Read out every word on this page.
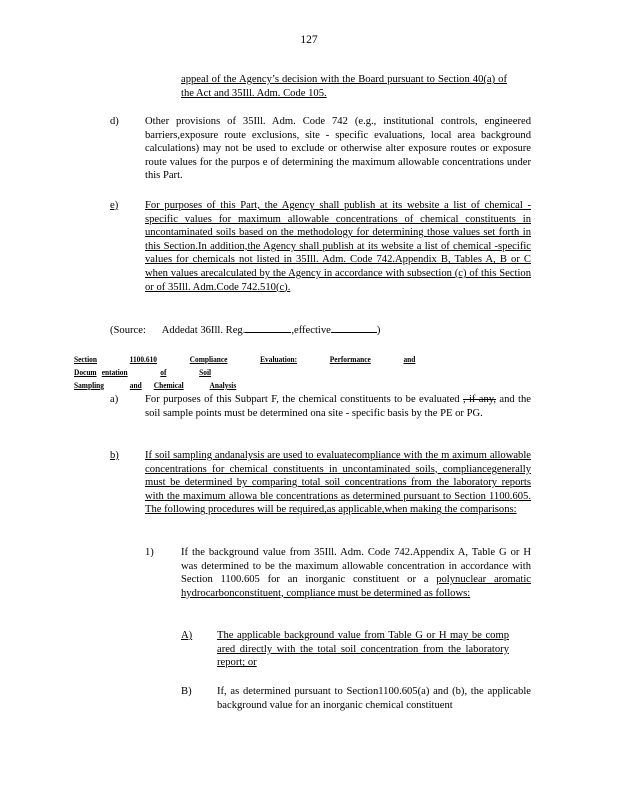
127
appeal of the Agency’s decision with the Board pursuant to Section 40(a) of the Act and 35Ill. Adm. Code 105.
d) Other provisions of 35Ill. Adm. Code 742 (e.g., institutional controls, engineered barriers,exposure route exclusions, site - specific evaluations, local area background calculations) may not be used to exclude or otherwise alter exposure routes or exposure route values for the purpos e of determining the maximum allowable concentrations under this Part.
e)	For purposes of this Part, the Agency shall publish at its website a list of chemical - specific values for maximum allowable concentrations of chemical constituents in uncontaminated soils based on the methodology for determining those values set forth in this Section.In addition,the Agency shall publish at its website a list of chemical -specific values for chemicals not listed in 35Ill. Adm. Code 742.Appendix B, Tables A, B or C when values arecalculated by the Agency in accordance with subsection (c) of this Section or of 35Ill. Adm.Code 742.510(c).
(Source: Addedat 36Ill. Reg.	,effective	)
Section	1100.610	Compliance	Evaluation:	Performance	andDocum entation	of	Soil
Sampling	and Chemical	Analysis
a)	For purposes of this Subpart F, the chemical constituents to be evaluated , if any, and the soil sample points must be determined ona site - specific basis by the PE or PG.
b) If soil sampling andanalysis are used to evaluatecompliance with the m aximum allowable concentrations for chemical constituents in uncontaminated soils, compliancegenerally must be determined by comparing total soil concentrations from the laboratory reports with the maximum allowa ble concentrations as determined pursuant to Section 1100.605. The following procedures will be required,as applicable,when making the comparisons:
1)	If the background value from 35Ill. Adm. Code 742.Appendix A, Table G or H was determined to be the maximum allowable concentration in accordance with Section 1100.605 for an inorganic constituent or a polynuclear aromatic hydrocarbonconstituent, compliance must be determined as follows:
A) The applicable background value from Table G or H may be comp ared directly with the total soil concentration from the laboratory report; or
B) If, as determined pursuant to Section1100.605(a) and (b), the applicable background value for an inorganic chemical constituent
